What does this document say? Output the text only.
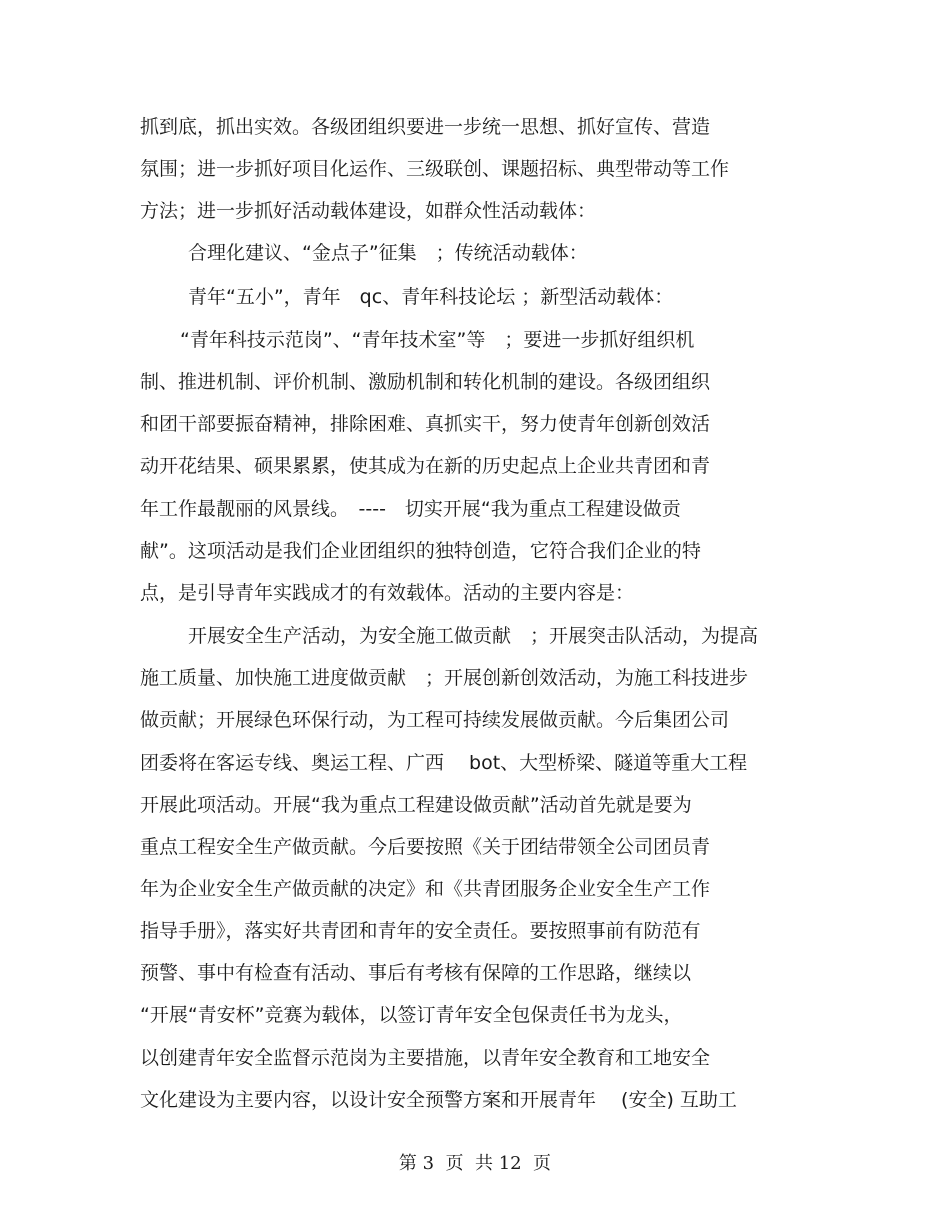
抓到底，抓出实效。各级团组织要进一步统一思想、抓好宣传、营造
氛围；进一步抓好项目化运作、三级联创、课题招标、典型带动等工作
方法；进一步抓好活动载体建设，如群众性活动载体：
合理化建议、“金点子”征集　；传统活动载体：
青年“五小”，青年　qc、青年科技论坛 ；新型活动载体：
“青年科技示范岗”、“青年技术室”等　；要进一步抓好组织机
制、推进机制、评价机制、激励机制和转化机制的建设。各级团组织
和团干部要振奋精神，排除困难、真抓实干，努力使青年创新创效活
动开花结果、硕果累累，使其成为在新的历史起点上企业共青团和青
年工作最靓丽的风景线。　----　切实开展“我为重点工程建设做贡
献”。这项活动是我们企业团组织的独特创造，它符合我们企业的特
点，是引导青年实践成才的有效载体。活动的主要内容是：
开展安全生产活动，为安全施工做贡献　；开展突击队活动，为提高
施工质量、加快施工进度做贡献　；开展创新创效活动，为施工科技进步
做贡献；开展绿色环保行动，为工程可持续发展做贡献。今后集团公司
团委将在客运专线、奥运工程、广西　 bot、大型桥梁、隧道等重大工程
开展此项活动。开展“我为重点工程建设做贡献”活动首先就是要为
重点工程安全生产做贡献。今后要按照《关于团结带领全公司团员青
年为企业安全生产做贡献的决定》和《共青团服务企业安全生产工作
指导手册》，落实好共青团和青年的安全责任。要按照事前有防范有
预警、事中有检查有活动、事后有考核有保障的工作思路，继续以
“开展“青安杯”竞赛为载体，以签订青年安全包保责任书为龙头，
以创建青年安全监督示范岗为主要措施，以青年安全教育和工地安全
文化建设为主要内容，以设计安全预警方案和开展青年　 (安全) 互助工
第 3  页  共 12  页
